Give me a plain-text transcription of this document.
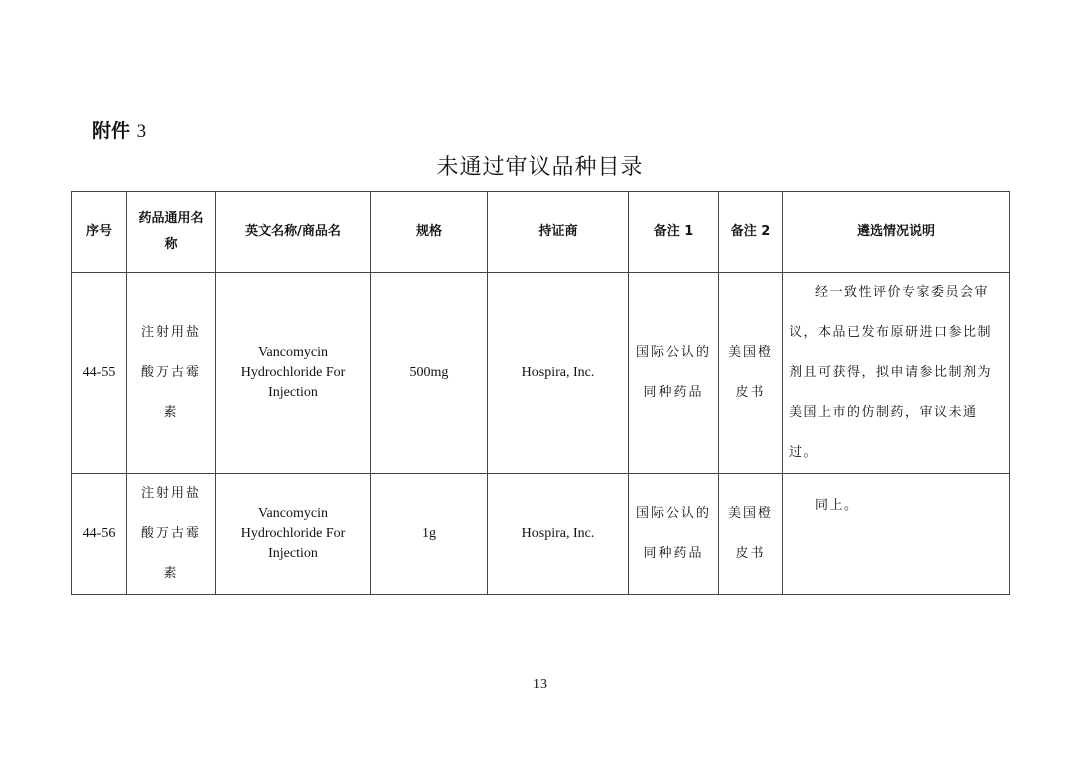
附件 3
未通过审议品种目录
序号	药品通用名称	英文名称/商品名	规格	持证商	备注 1	备注 2	遴选情况说明
44-55	注射用盐酸万古霉素	Vancomycin Hydrochloride For Injection	500mg	Hospira, Inc.	国际公认的同种药品	美国橙皮书	经一致性评价专家委员会审议，本品已发布原研进口参比制剂且可获得，拟申请参比制剂为美国上市的仿制药，审议未通过。

44-56	注射用盐酸万古霉素	Vancomycin Hydrochloride For Injection	1g	Hospira, Inc.	国际公认的同种药品	美国橙皮书	同上。
13
